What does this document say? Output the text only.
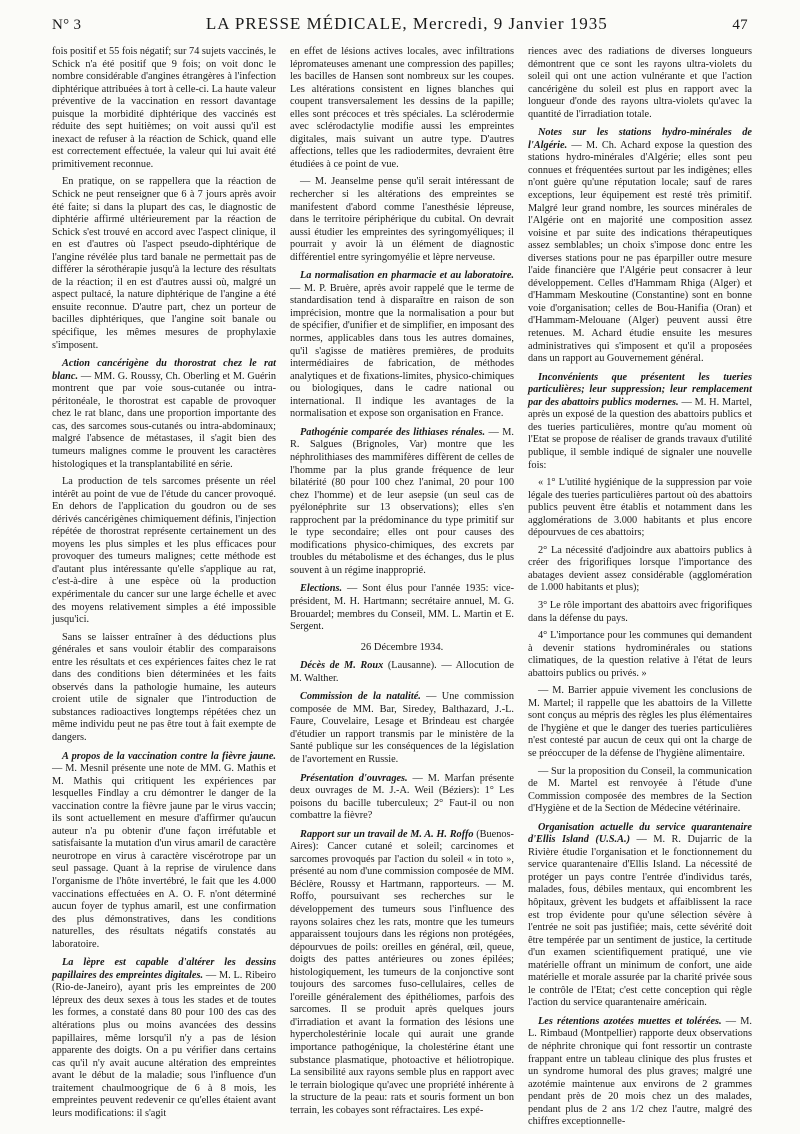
N° 3	LA PRESSE MÉDICALE, Mercredi, 9 Janvier 1935	47

fois positif et 55 fois négatif; sur 74 sujets vaccinés, le Schick n'a été positif que 9 fois; on voit donc le nombre considérable d'angines étrangères à l'infection diphtérique attribuées à tort à celle-ci. La haute valeur préventive de la vaccination en ressort davantage puisque la morbidité diphtérique des vaccinés est réduite des sept huitièmes; on voit aussi qu'il est inexact de refuser à la réaction de Schick, quand elle est correctement effectuée, la valeur qui lui avait été primitivement reconnue.

En pratique, on se rappellera que la réaction de Schick ne peut renseigner que 6 à 7 jours après avoir été faite; si dans la plupart des cas, le diagnostic de diphtérie affirmé ultérieurement par la réaction de Schick s'est trouvé en accord avec l'aspect clinique, il en est d'autres où l'aspect pseudo-diphtérique de l'angine révélée plus tard banale ne permettait pas de différer la sérothérapie jusqu'à la lecture des résultats de la réaction; il en est d'autres aussi où, malgré un aspect pultacé, la nature diphtérique de l'angine a été ensuite reconnue. D'autre part, chez un porteur de bacilles diphtériques, que l'angine soit banale ou spécifique, les mêmes mesures de prophylaxie s'imposent.

Action cancérigène du thorostrat chez le rat blanc. — MM. G. Roussy, Ch. Oberling et M. Guérin montrent que par voie sous-cutanée ou intra-péritonéale, le thorostrat est capable de provoquer chez le rat blanc, dans une proportion importante des cas, des sarcomes sous-cutanés ou intra-abdominaux; malgré l'absence de métastases, il s'agit bien des tumeurs malignes comme le prouvent les caractères histologiques et la transplantabilité en série.

La production de tels sarcomes présente un réel intérêt au point de vue de l'étude du cancer provoqué. En dehors de l'application du goudron ou de ses dérivés cancérigènes chimiquement définis, l'injection répétée de thorostrat représente certainement un des moyens les plus simples et les plus efficaces pour provoquer des tumeurs malignes; cette méthode est d'autant plus intéressante qu'elle s'applique au rat, c'est-à-dire à une espèce où la production expérimentale du cancer sur une large échelle et avec des moyens relativement simples a été impossible jusqu'ici.

Sans se laisser entraîner à des déductions plus générales et sans vouloir établir des comparaisons entre les résultats et ces expériences faites chez le rat dans des conditions bien déterminées et les faits observés dans la pathologie humaine, les auteurs croient utile de signaler que l'introduction de substances radioactives longtemps répétées chez un même individu peut ne pas être tout à fait exempte de dangers.

A propos de la vaccination contre la fièvre jaune. — M. Mesnil présente une note de MM. G. Mathis et M. Mathis qui critiquent les expériences par lesquelles Findlay a cru démontrer le danger de la vaccination contre la fièvre jaune par le virus vaccin; ils sont actuellement en mesure d'affirmer qu'aucun auteur n'a pu obtenir d'une façon irréfutable et satisfaisante la mutation d'un virus amaril de caractère neurotrope en virus à caractère viscérotrope par un seul passage. Quant à la reprise de virulence dans l'organisme de l'hôte invertébré, le fait que les 4.000 vaccinations effectuées en A. O. F. n'ont déterminé aucun foyer de typhus amaril, est une confirmation des plus démonstratives, dans les conditions naturelles, des résultats négatifs constatés au laboratoire.

La lèpre est capable d'altérer les dessins papillaires des empreintes digitales. — M. L. Ribeiro (Rio-de-Janeiro), ayant pris les empreintes de 200 lépreux des deux sexes à tous les stades et de toutes les formes, a constaté dans 80 pour 100 des cas des altérations plus ou moins avancées des dessins papillaires, même lorsqu'il n'y a pas de lésion apparente des doigts. On a pu vérifier dans certains cas qu'il n'y avait aucune altération des empreintes avant le début de la maladie; sous l'influence d'un traitement chaulmoogrique de 6 à 8 mois, les empreintes peuvent redevenir ce qu'elles étaient avant leurs modifications: il s'agit

en effet de lésions actives locales, avec infiltrations lépromateuses amenant une compression des papilles; les bacilles de Hansen sont nombreux sur les coupes. Les altérations consistent en lignes blanches qui coupent transversalement les dessins de la papille; elles sont précoces et très spéciales. La sclérodermie avec sclérodactylie modifie aussi les empreintes digitales, mais suivant un autre type. D'autres affections, telles que les radiodermites, devraient être étudiées à ce point de vue.

— M. Jeanselme pense qu'il serait intéressant de rechercher si les altérations des empreintes se manifestent d'abord comme l'anesthésie lépreuse, dans le territoire périphérique du cubital. On devrait aussi étudier les empreintes des syringomyéliques; il pourrait y avoir là un élément de diagnostic différentiel entre syringomyélie et lèpre nerveuse.

La normalisation en pharmacie et au laboratoire. — M. P. Bruère, après avoir rappelé que le terme de standardisation tend à disparaître en raison de son imprécision, montre que la normalisation a pour but de spécifier, d'unifier et de simplifier, en imposant des normes, applicables dans tous les autres domaines, qu'il s'agisse de matières premières, de produits intermédiaires de fabrication, de méthodes analytiques et de fixations-limites, physico-chimiques ou biologiques, dans le cadre national ou international. Il indique les avantages de la normalisation et expose son organisation en France.

Pathogénie comparée des lithiases rénales. — M. R. Salgues (Brignoles, Var) montre que les néphrolithiases des mammifères diffèrent de celles de l'homme par la plus grande fréquence de leur bilatérité (80 pour 100 chez l'animal, 20 pour 100 chez l'homme) et de leur asepsie (un seul cas de pyélonéphrite sur 13 observations); elles s'en rapprochent par la prédominance du type primitif sur le type secondaire; elles ont pour causes des modifications physico-chimiques, des excrets par troubles du métabolisme et des échanges, dus le plus souvent à un régime inapproprié.

Elections. — Sont élus pour l'année 1935: vice-président, M. H. Hartmann; secrétaire annuel, M. G. Brouardel; membres du Conseil, MM. L. Martin et E. Sergent.

26 Décembre 1934.

Décès de M. Roux (Lausanne). — Allocution de M. Walther.

Commission de la natalité. — Une commission composée de MM. Bar, Siredey, Balthazard, J.-L. Faure, Couvelaire, Lesage et Brindeau est chargée d'étudier un rapport transmis par le ministère de la Santé publique sur les conséquences de la législation de l'avortement en Russie.

Présentation d'ouvrages. — M. Marfan présente deux ouvrages de M. J.-A. Weil (Béziers): 1° Les poisons du bacille tuberculeux; 2° Faut-il ou non combattre la fièvre?

Rapport sur un travail de M. A. H. Roffo (Buenos-Aires): Cancer cutané et soleil; carcinomes et sarcomes provoqués par l'action du soleil « in toto », présenté au nom d'une commission composée de MM. Béclère, Roussy et Hartmann, rapporteurs. — M. Roffo, poursuivant ses recherches sur le développement des tumeurs sous l'influence des rayons solaires chez les rats, montre que les tumeurs apparaissent toujours dans les régions non protégées, dépourvues de poils: oreilles en général, œil, queue, doigts des pattes antérieures ou zones épilées; histologiquement, les tumeurs de la conjonctive sont toujours des sarcomes fuso-cellulaires, celles de l'oreille généralement des épithéliomes, parfois des sarcomes. Il se produit après quelques jours d'irradiation et avant la formation des lésions une hypercholestérinie locale qui aurait une grande importance pathogénique, la cholestérine étant une substance plasmatique, photoactive et héliotropique. La sensibilité aux rayons semble plus en rapport avec le terrain biologique qu'avec une propriété inhérente à la structure de la peau: rats et souris forment un bon terrain, les cobayes sont réfractaires. Les expé-

riences avec des radiations de diverses longueurs démontrent que ce sont les rayons ultra-violets du soleil qui ont une action vulnérante et que l'action cancérigène du soleil est plus en rapport avec la longueur d'onde des rayons ultra-violets qu'avec la quantité de l'irradiation totale.

Notes sur les stations hydro-minérales de l'Algérie. — M. Ch. Achard expose la question des stations hydro-minérales d'Algérie; elles sont peu connues et fréquentées surtout par les indigènes; elles n'ont guère qu'une réputation locale; sauf de rares exceptions, leur équipement est resté très primitif. Malgré leur grand nombre, les sources minérales de l'Algérie ont en majorité une composition assez voisine et par suite des indications thérapeutiques assez semblables; un choix s'impose donc entre les diverses stations pour ne pas éparpiller outre mesure l'aide financière que l'Algérie peut consacrer à leur développement. Celles d'Hammam Rhiga (Alger) et d'Hammam Meskoutine (Constantine) sont en bonne voie d'organisation; celles de Bou-Hanifia (Oran) et d'Hammam-Melouane (Alger) peuvent aussi être retenues. M. Achard étudie ensuite les mesures administratives qui s'imposent et qu'il a proposées dans un rapport au Gouvernement général.

Inconvénients que présentent les tueries particulières; leur suppression; leur remplacement par des abattoirs publics modernes. — M. H. Martel, après un exposé de la question des abattoirs publics et des tueries particulières, montre qu'au moment où l'Etat se propose de réaliser de grands travaux d'utilité publique, il semble indiqué de signaler une nouvelle fois:

« 1° L'utilité hygiénique de la suppression par voie légale des tueries particulières partout où des abattoirs publics peuvent être établis et notamment dans les agglomérations de 3.000 habitants et plus encore dépourvues de ces abattoirs;

2° La nécessité d'adjoindre aux abattoirs publics à créer des frigorifiques lorsque l'importance des abatages devient assez considérable (agglomération de 1.000 habitants et plus);

3° Le rôle important des abattoirs avec frigorifiques dans la défense du pays.

4° L'importance pour les communes qui demandent à devenir stations hydrominérales ou stations climatiques, de la question relative à l'état de leurs abattoirs publics ou privés. »

— M. Barrier appuie vivement les conclusions de M. Martel; il rappelle que les abattoirs de la Villette sont conçus au mépris des règles les plus élémentaires de l'hygiène et que le danger des tueries particulières n'est contesté par aucun de ceux qui ont la charge de se préoccuper de la défense de l'hygiène alimentaire.

— Sur la proposition du Conseil, la communication de M. Martel est renvoyée à l'étude d'une Commission composée des membres de la Section d'Hygiène et de la Section de Médecine vétérinaire.

Organisation actuelle du service quarantenaire d'Ellis Island (U.S.A.) — M. R. Dujarric de la Rivière étudie l'organisation et le fonctionnement du service quarantenaire d'Ellis Island. La nécessité de protéger un pays contre l'entrée d'individus tarés, malades, fous, débiles mentaux, qui encombrent les hôpitaux, grèvent les budgets et affaiblissent la race est trop évidente pour qu'une sélection sévère à l'entrée ne soit pas justifiée; mais, cette sévérité doit être tempérée par un sentiment de justice, la certitude d'un examen scientifiquement pratiqué, une vie matérielle offrant un minimum de confort, une aide matérielle et morale assurée par la charité privée sous le contrôle de l'Etat; c'est cette conception qui règle l'action du service quarantenaire américain.

Les rétentions azotées muettes et tolérées. — M. L. Rimbaud (Montpellier) rapporte deux observations de néphrite chronique qui font ressortir un contraste frappant entre un tableau clinique des plus frustes et un syndrome humoral des plus graves; malgré une azotémie maintenue aux environs de 2 grammes pendant près de 20 mois chez un des malades, pendant plus de 2 ans 1/2 chez l'autre, malgré des chiffres exceptionnelle-
